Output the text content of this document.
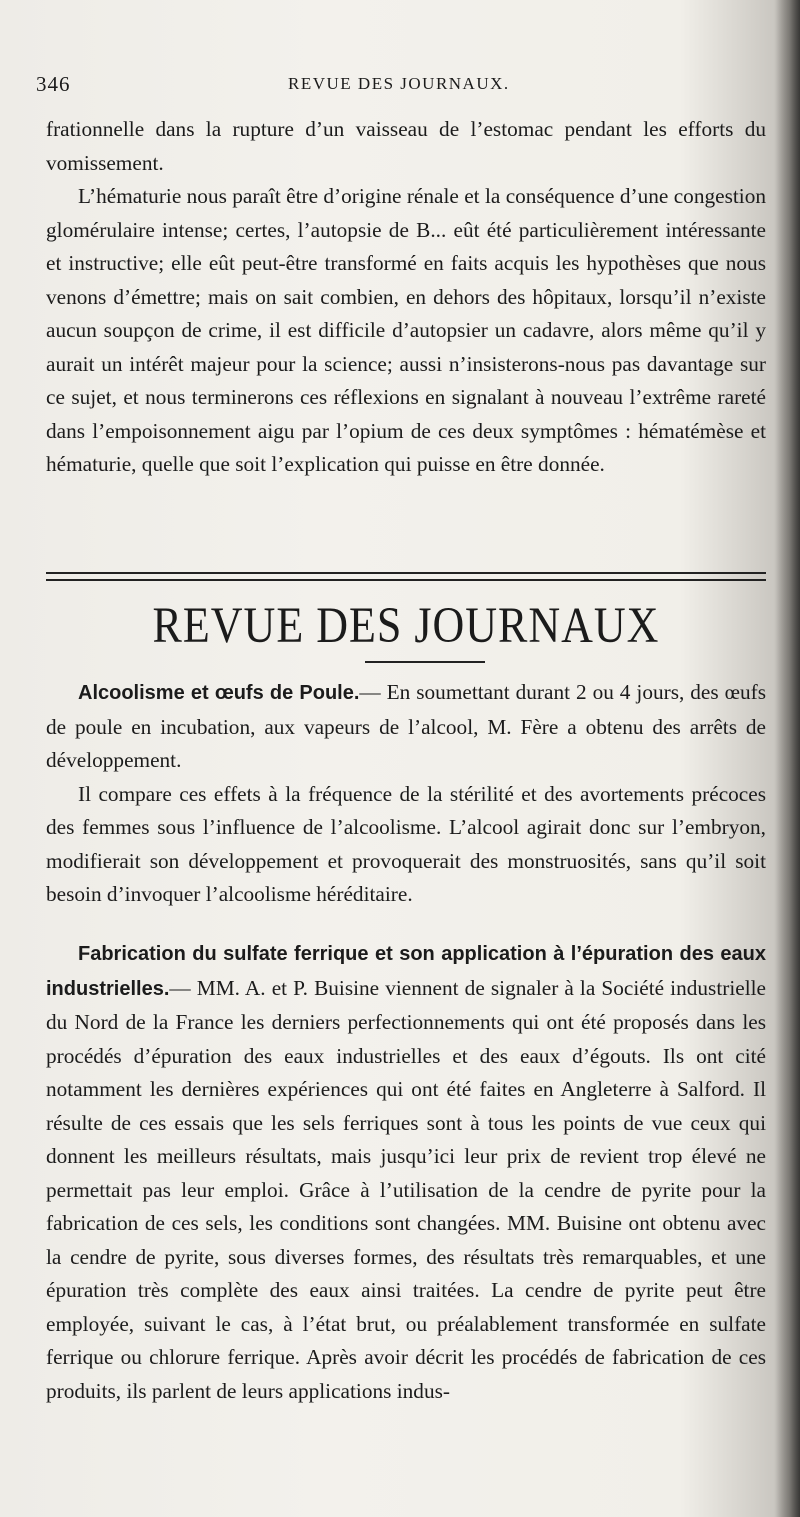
346	REVUE DES JOURNAUX.

frationnelle dans la rupture d’un vaisseau de l’estomac pendant les efforts du vomissement.

L’hématurie nous paraît être d’origine rénale et la conséquence d’une congestion glomérulaire intense; certes, l’autopsie de B... eût été particulièrement intéressante et instructive; elle eût peut-être transformé en faits acquis les hypothèses que nous venons d’émettre; mais on sait combien, en dehors des hôpitaux, lorsqu’il n’existe aucun soupçon de crime, il est difficile d’autopsier un cadavre, alors même qu’il y aurait un intérêt majeur pour la science; aussi n’insisterons-nous pas davantage sur ce sujet, et nous terminerons ces réflexions en signalant à nouveau l’extrême rareté dans l’empoisonnement aigu par l’opium de ces deux symptômes : hématémèse et hématurie, quelle que soit l’explication qui puisse en être donnée.

REVUE DES JOURNAUX

Alcoolisme et œufs de Poule.— En soumettant durant 2 ou 4 jours, des œufs de poule en incubation, aux vapeurs de l’alcool, M. Fère a obtenu des arrêts de développement.

Il compare ces effets à la fréquence de la stérilité et des avortements précoces des femmes sous l’influence de l’alcoolisme. L’alcool agirait donc sur l’embryon, modifierait son développement et provoquerait des monstruosités, sans qu’il soit besoin d’invoquer l’alcoolisme héréditaire.

Fabrication du sulfate ferrique et son application à l’épuration des eaux industrielles.— MM. A. et P. Buisine viennent de signaler à la Société industrielle du Nord de la France les derniers perfectionnements qui ont été proposés dans les procédés d’épuration des eaux industrielles et des eaux d’égouts. Ils ont cité notamment les dernières expériences qui ont été faites en Angleterre à Salford. Il résulte de ces essais que les sels ferriques sont à tous les points de vue ceux qui donnent les meilleurs résultats, mais jusqu’ici leur prix de revient trop élevé ne permettait pas leur emploi. Grâce à l’utilisation de la cendre de pyrite pour la fabrication de ces sels, les conditions sont changées. MM. Buisine ont obtenu avec la cendre de pyrite, sous diverses formes, des résultats très remarquables, et une épuration très complète des eaux ainsi traitées. La cendre de pyrite peut être employée, suivant le cas, à l’état brut, ou préalablement transformée en sulfate ferrique ou chlorure ferrique. Après avoir décrit les procédés de fabrication de ces produits, ils parlent de leurs applications indus-
